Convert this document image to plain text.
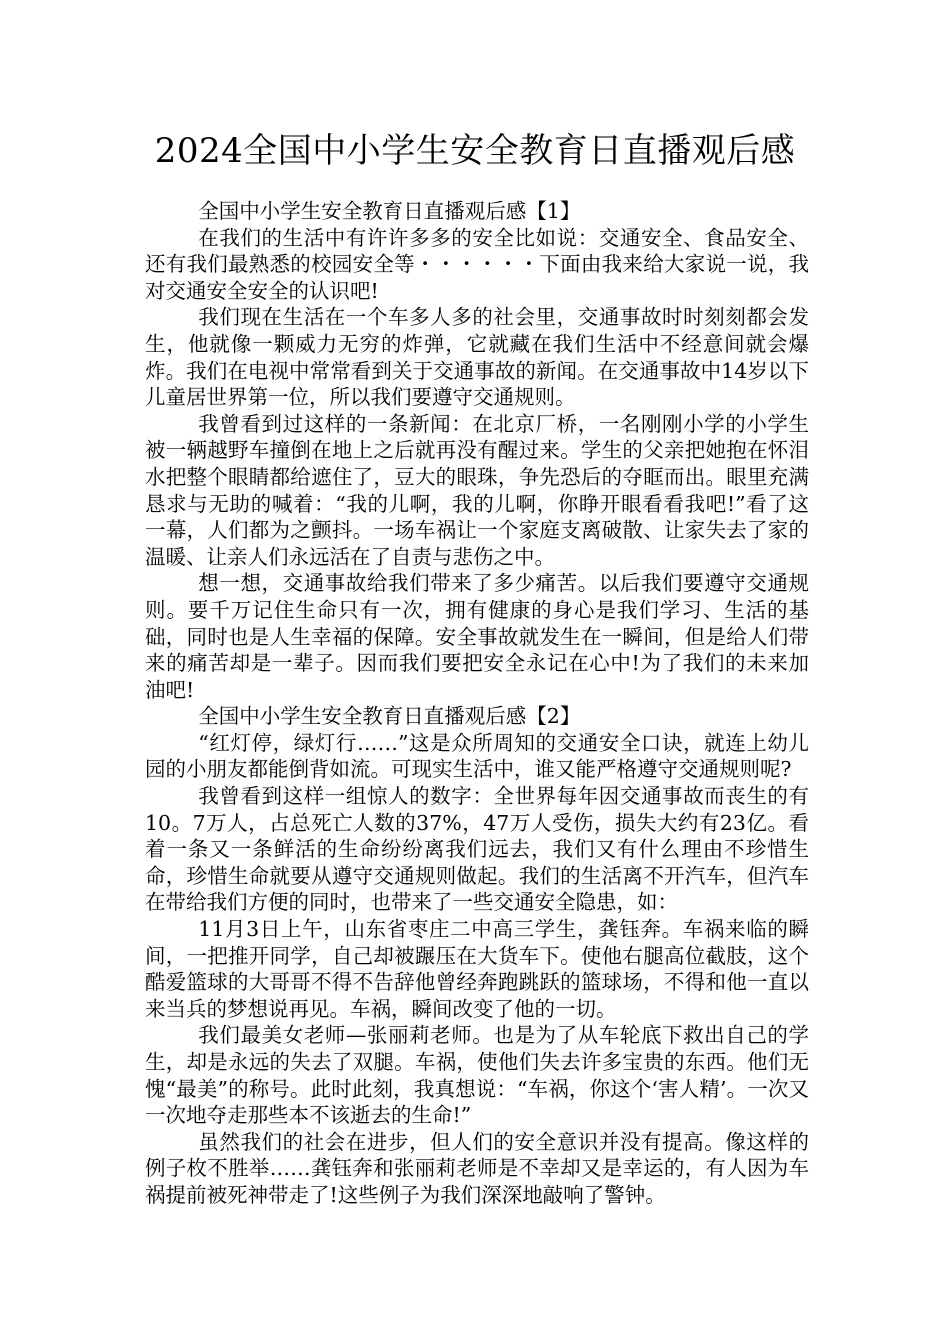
2024全国中小学生安全教育日直播观后感

全国中小学生安全教育日直播观后感【1】

在我们的生活中有许许多多的安全比如说：交通安全、食品安全、还有我们最熟悉的校园安全等・・・・・・下面由我来给大家说一说，我对交通安全安全的认识吧!

我们现在生活在一个车多人多的社会里，交通事故时时刻刻都会发生，他就像一颗威力无穷的炸弹，它就藏在我们生活中不经意间就会爆炸。我们在电视中常常看到关于交通事故的新闻。在交通事故中14岁以下儿童居世界第一位，所以我们要遵守交通规则。

我曾看到过这样的一条新闻：在北京厂桥，一名刚刚小学的小学生被一辆越野车撞倒在地上之后就再没有醒过来。学生的父亲把她抱在怀泪水把整个眼睛都给遮住了，豆大的眼珠，争先恐后的夺眶而出。眼里充满恳求与无助的喊着：“我的儿啊，我的儿啊，你睁开眼看看我吧!”看了这一幕，人们都为之颤抖。一场车祸让一个家庭支离破散、让家失去了家的温暖、让亲人们永远活在了自责与悲伤之中。

想一想，交通事故给我们带来了多少痛苦。以后我们要遵守交通规则。要千万记住生命只有一次，拥有健康的身心是我们学习、生活的基础，同时也是人生幸福的保障。安全事故就发生在一瞬间，但是给人们带来的痛苦却是一辈子。因而我们要把安全永记在心中!为了我们的未来加油吧!

全国中小学生安全教育日直播观后感【2】

“红灯停，绿灯行……”这是众所周知的交通安全口诀，就连上幼儿园的小朋友都能倒背如流。可现实生活中，谁又能严格遵守交通规则呢?

我曾看到这样一组惊人的数字：全世界每年因交通事故而丧生的有10。7万人，占总死亡人数的37%，47万人受伤，损失大约有23亿。看着一条又一条鲜活的生命纷纷离我们远去，我们又有什么理由不珍惜生命，珍惜生命就要从遵守交通规则做起。我们的生活离不开汽车，但汽车在带给我们方便的同时，也带来了一些交通安全隐患，如：

11月3日上午，山东省枣庄二中高三学生，龚钰奔。车祸来临的瞬间，一把推开同学，自己却被蹍压在大货车下。使他右腿高位截肢，这个酷爱篮球的大哥哥不得不告辞他曾经奔跑跳跃的篮球场，不得和他一直以来当兵的梦想说再见。车祸，瞬间改变了他的一切。

我们最美女老师—张丽莉老师。也是为了从车轮底下救出自己的学生，却是永远的失去了双腿。车祸，使他们失去许多宝贵的东西。他们无愧“最美”的称号。此时此刻，我真想说：“车祸，你这个‘害人精’。一次又一次地夺走那些本不该逝去的生命!”

虽然我们的社会在进步，但人们的安全意识并没有提高。像这样的例子枚不胜举……龚钰奔和张丽莉老师是不幸却又是幸运的，有人因为车祸提前被死神带走了!这些例子为我们深深地敲响了警钟。
